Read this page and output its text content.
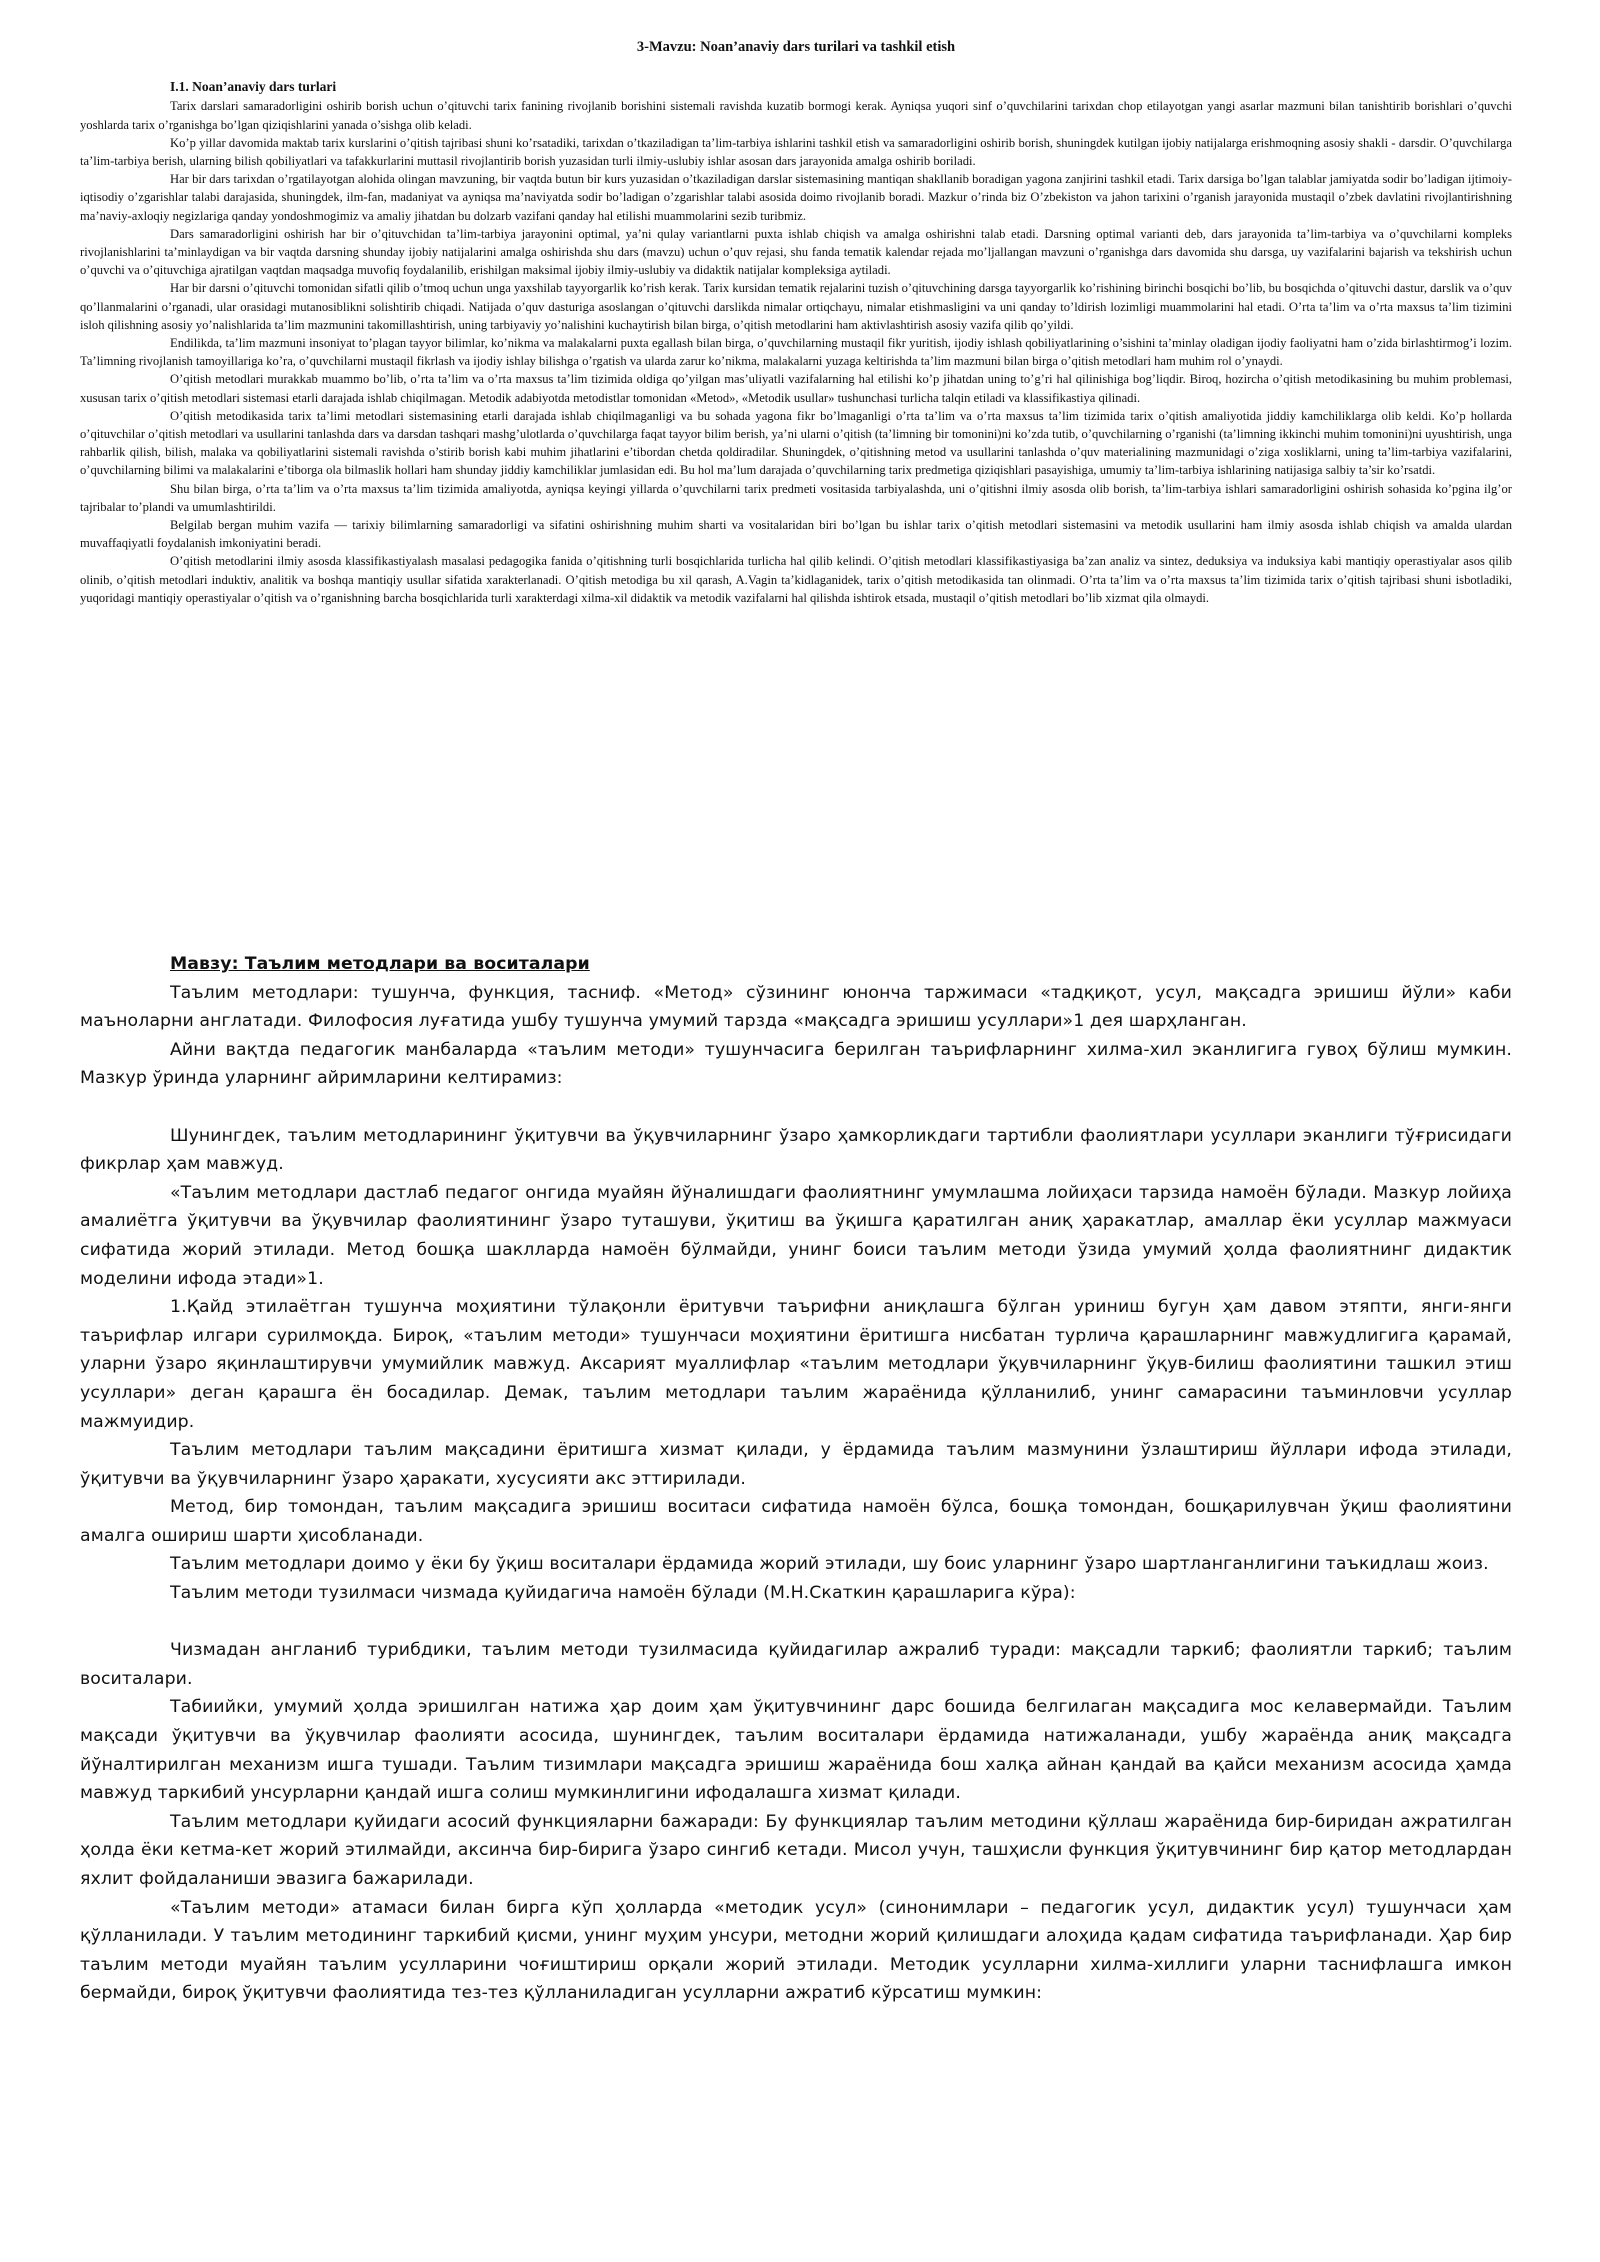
3-Mavzu: Noan’anaviy dars turilari va tashkil etish
I.1. Noan’anaviy dars turlari

Tarix darslari samaradorligini oshirib borish uchun o’qituvchi tarix fanining rivojlanib borishini sistemali ravishda kuzatib bormogi kerak. Ayniqsa yuqori sinf o’quvchilarini tarixdan chop etilayotgan yangi asarlar mazmuni bilan tanishtirib borishlari o’quvchi yoshlarda tarix o’rganishga bo’lgan qiziqishlarini yanada o’sishga olib keladi.

Ko’p yillar davomida maktab tarix kurslarini o’qitish tajribasi shuni ko’rsatadiki, tarixdan o’tkaziladigan ta’lim-tarbiya ishlarini tashkil etish va samaradorligini oshirib borish, shuningdek kutilgan ijobiy natijalarga erishmoqning asosiy shakli - darsdir. O’quvchilarga ta’lim-tarbiya berish, ularning bilish qobiliyatlari va tafakkurlarini muttasil rivojlantirib borish yuzasidan turli ilmiy-uslubiy ishlar asosan dars jarayonida amalga oshirib boriladi.

Har bir dars tarixdan o’rgatilayotgan alohida olingan mavzuning, bir vaqtda butun bir kurs yuzasidan o’tkaziladigan darslar sistemasining mantiqan shakllanib boradigan yagona zanjirini tashkil etadi. Tarix darsiga bo’lgan talablar jamiyatda sodir bo’ladigan ijtimoiy-iqtisodiy o’zgarishlar talabi darajasida, shuningdek, ilm-fan, madaniyat va ayniqsa ma’naviyatda sodir bo’ladigan o’zgarishlar talabi asosida doimo rivojlanib boradi. Mazkur o’rinda biz O’zbekiston va jahon tarixini o’rganish jarayonida mustaqil o’zbek davlatini rivojlantirishning ma’naviy-axloqiy negizlariga qanday yondoshmogimiz va amaliy jihatdan bu dolzarb vazifani qanday hal etilishi muammolarini sezib turibmiz.

Dars samaradorligini oshirish har bir o’qituvchidan ta’lim-tarbiya jarayonini optimal, ya’ni qulay variantlarni puxta ishlab chiqish va amalga oshirishni talab etadi. Darsning optimal varianti deb, dars jarayonida ta’lim-tarbiya va o’quvchilarni kompleks rivojlanishlarini ta’minlaydigan va bir vaqtda darsning shunday ijobiy natijalarini amalga oshirishda shu dars (mavzu) uchun o’quv rejasi, shu fanda tematik kalendar rejada mo’ljallangan mavzuni o’rganishga dars davomida shu darsga, uy vazifalarini bajarish va tekshirish uchun o’quvchi va o’qituvchiga ajratilgan vaqtdan maqsadga muvofiq foydalanilib, erishilgan maksimal ijobiy ilmiy-uslubiy va didaktik natijalar kompleksiga aytiladi.

Har bir darsni o’qituvchi tomonidan sifatli qilib o’tmoq uchun unga yaxshilab tayyorgarlik ko’rish kerak. Tarix kursidan tematik rejalarini tuzish o’qituvchining darsga tayyorgarlik ko’rishining birinchi bosqichi bo’lib, bu bosqichda o’qituvchi dastur, darslik va o’quv qo’llanmalarini o’rganadi, ular orasidagi mutanosiblikni solishtirib chiqadi. Natijada o’quv dasturiga asoslangan o’qituvchi darslikda nimalar ortiqchayu, nimalar etishmasligini va uni qanday to’ldirish lozimligi muammolarini hal etadi. O’rta ta’lim va o’rta maxsus ta’lim tizimini isloh qilishning asosiy yo’nalishlarida ta’lim mazmunini takomillashtirish, uning tarbiyaviy yo’nalishini kuchaytirish bilan birga, o’qitish metodlarini ham aktivlashtirish asosiy vazifa qilib qo’yildi.

Endilikda, ta’lim mazmuni insoniyat to’plagan tayyor bilimlar, ko’nikma va malakalarni puxta egallash bilan birga, o’quvchilarning mustaqil fikr yuritish, ijodiy ishlash qobiliyatlarining o’sishini ta’minlay oladigan ijodiy faoliyatni ham o’zida birlashtirmog’i lozim. Ta’limning rivojlanish tamoyillariga ko’ra, o’quvchilarni mustaqil fikrlash va ijodiy ishlay bilishga o’rgatish va ularda zarur ko’nikma, malakalarni yuzaga keltirishda ta’lim mazmuni bilan birga o’qitish metodlari ham muhim rol o’ynaydi.

O’qitish metodlari murakkab muammo bo’lib, o’rta ta’lim va o’rta maxsus ta’lim tizimida oldiga qo’yilgan mas’uliyatli vazifalarning hal etilishi ko’p jihatdan uning to’g’ri hal qilinishiga bog’liqdir. Biroq, hozircha o’qitish metodikasining bu muhim problemasi, xususan tarix o’qitish metodlari sistemasi etarli darajada ishlab chiqilmagan. Metodik adabiyotda metodistlar tomonidan «Metod», «Metodik usullar» tushunchasi turlicha talqin etiladi va klassifikastiya qilinadi.

O’qitish metodikasida tarix ta’limi metodlari sistemasining etarli darajada ishlab chiqilmaganligi va bu sohada yagona fikr bo’lmaganligi o’rta ta’lim va o’rta maxsus ta’lim tizimida tarix o’qitish amaliyotida jiddiy kamchiliklarga olib keldi. Ko’p hollarda o’qituvchilar o’qitish metodlari va usullarini tanlashda dars va darsdan tashqari mashg’ulotlarda o’quvchilarga faqat tayyor bilim berish, ya’ni ularni o’qitish (ta’limning bir tomonini)ni ko’zda tutib, o’quvchilarning o’rganishi (ta’limning ikkinchi muhim tomonini)ni uyushtirish, unga rahbarlik qilish, bilish, malaka va qobiliyatlarini sistemali ravishda o’stirib borish kabi muhim jihatlarini e’tibordan chetda qoldiradilar. Shuningdek, o’qitishning metod va usullarini tanlashda o’quv materialining mazmunidagi o’ziga xosliklarni, uning ta’lim-tarbiya vazifalarini, o’quvchilarning bilimi va malakalarini e’tiborga ola bilmaslik hollari ham shunday jiddiy kamchiliklar jumlasidan edi. Bu hol ma’lum darajada o’quvchilarning tarix predmetiga qiziqishlari pasayishiga, umumiy ta’lim-tarbiya ishlarining natijasiga salbiy ta’sir ko’rsatdi.

Shu bilan birga, o’rta ta’lim va o’rta maxsus ta’lim tizimida amaliyotda, ayniqsa keyingi yillarda o’quvchilarni tarix predmeti vositasida tarbiyalashda, uni o’qitishni ilmiy asosda olib borish, ta’lim-tarbiya ishlari samaradorligini oshirish sohasida ko’pgina ilg’or tajribalar to’plandi va umumlashtirildi.

Belgilab bergan muhim vazifa — tarixiy bilimlarning samaradorligi va sifatini oshirishning muhim sharti va vositalaridan biri bo’lgan bu ishlar tarix o’qitish metodlari sistemasini va metodik usullarini ham ilmiy asosda ishlab chiqish va amalda ulardan muvaffaqiyatli foydalanish imkoniyatini beradi.

O’qitish metodlarini ilmiy asosda klassifikastiyalash masalasi pedagogika fanida o’qitishning turli bosqichlarida turlicha hal qilib kelindi. O’qitish metodlari klassifikastiyasiga ba’zan analiz va sintez, deduksiya va induksiya kabi mantiqiy operastiyalar asos qilib olinib, o’qitish metodlari induktiv, analitik va boshqa mantiqiy usullar sifatida xarakterlanadi. O’qitish metodiga bu xil qarash, A.Vagin ta’kidlaganidek, tarix o’qitish metodikasida tan olinmadi. O’rta ta’lim va o’rta maxsus ta’lim tizimida tarix o’qitish tajribasi shuni isbotladiki, yuqoridagi mantiqiy operastiyalar o’qitish va o’rganishning barcha bosqichlarida turli xarakterdagi xilma-xil didaktik va metodik vazifalarni hal qilishda ishtirok etsada, mustaqil o’qitish metodlari bo’lib xizmat qila olmaydi.

Мавзу: Таълим методлари ва воситалари

Таълим методлари: тушунча, функция, тасниф. «Метод» сўзининг юнонча таржимаси «тадқиқот, усул, мақсадга эришиш йўли» каби маъноларни англатади. Филофосия луғатида ушбу тушунча умумий тарзда «мақсадга эришиш усуллари»1 дея шарҳланган.

Айни вақтда педагогик манбаларда «таълим методи» тушунчасига берилган таърифларнинг хилма-хил эканлигига гувоҳ бўлиш мумкин. Мазкур ўринда уларнинг айримларини келтирамиз:

Шунингдек, таълим методларининг ўқитувчи ва ўқувчиларнинг ўзаро ҳамкорликдаги тартибли фаолиятлари усуллари эканлиги тўғрисидаги фикрлар ҳам мавжуд.

«Таълим методлари дастлаб педагог онгида муайян йўналишдаги фаолиятнинг умумлашма лойиҳаси тарзида намоён бўлади. Мазкур лойиҳа амалиётга ўқитувчи ва ўқувчилар фаолиятининг ўзаро туташуви, ўқитиш ва ўқишга қаратилган аниқ ҳаракатлар, амаллар ёки усуллар мажмуаси сифатида жорий этилади. Метод бошқа шаклларда намоён бўлмайди, унинг боиси таълим методи ўзида умумий ҳолда фаолиятнинг дидактик моделини ифода этади»1.

1.Қайд этилаётган тушунча моҳиятини тўлақонли ёритувчи таърифни аниқлашга бўлган уриниш бугун ҳам давом этяпти, янги-янги таърифлар илгари сурилмоқда. Бироқ, «таълим методи» тушунчаси моҳиятини ёритишга нисбатан турлича қарашларнинг мавжудлигига қарамай, уларни ўзаро яқинлаштирувчи умумийлик мавжуд. Аксарият муаллифлар «таълим методлари ўқувчиларнинг ўқув-билиш фаолиятини ташкил этиш усуллари» деган қарашга ён босадилар. Демак, таълим методлари таълим жараёнида қўлланилиб, унинг самарасини таъминловчи усуллар мажмуидир.

Таълим методлари таълим мақсадини ёритишга хизмат қилади, у ёрдамида таълим мазмунини ўзлаштириш йўллари ифода этилади, ўқитувчи ва ўқувчиларнинг ўзаро ҳаракати, хусусияти акс эттирилади.

Метод, бир томондан, таълим мақсадига эришиш воситаси сифатида намоён бўлса, бошқа томондан, бошқарилувчан ўқиш фаолиятини амалга ошириш шарти ҳисобланади.

Таълим методлари доимо у ёки бу ўқиш воситалари ёрдамида жорий этилади, шу боис уларнинг ўзаро шартланганлигини таъкидлаш жоиз.

Таълим методи тузилмаси чизмада қуйидагича намоён бўлади (М.Н.Скаткин қарашларига кўра):

Чизмадан англаниб турибдики, таълим методи тузилмасида қуйидагилар ажралиб туради: мақсадли таркиб; фаолиятли таркиб; таълим воситалари.

Табиийки, умумий ҳолда эришилган натижа ҳар доим ҳам ўқитувчининг дарс бошида белгилаган мақсадига мос келавермайди. Таълим мақсади ўқитувчи ва ўқувчилар фаолияти асосида, шунингдек, таълим воситалари ёрдамида натижаланади, ушбу жараёнда аниқ мақсадга йўналтирилган механизм ишга тушади. Таълим тизимлари мақсадга эришиш жараёнида бош халқа айнан қандай ва қайси механизм асосида ҳамда мавжуд таркибий унсурларни қандай ишга солиш мумкинлигини ифодалашга хизмат қилади.

Таълим методлари қуйидаги асосий функцияларни бажаради: Бу функциялар таълим методини қўллаш жараёнида бир-биридан ажратилган ҳолда ёки кетма-кет жорий этилмайди, аксинча бир-бирига ўзаро сингиб кетади. Мисол учун, ташҳисли функция ўқитувчининг бир қатор методлардан яхлит фойдаланиши эвазига бажарилади.

«Таълим методи» атамаси билан бирга кўп ҳолларда «методик усул» (синонимлари – педагогик усул, дидактик усул) тушунчаси ҳам қўлланилади. У таълим методининг таркибий қисми, унинг муҳим унсури, методни жорий қилишдаги алоҳида қадам сифатида таърифланади. Ҳар бир таълим методи муайян таълим усулларини чоғиштириш орқали жорий этилади. Методик усулларни хилма-хиллиги уларни таснифлашга имкон бермайди, бироқ ўқитувчи фаолиятида тез-тез қўлланиладиган усулларни ажратиб кўрсатиш мумкин:
